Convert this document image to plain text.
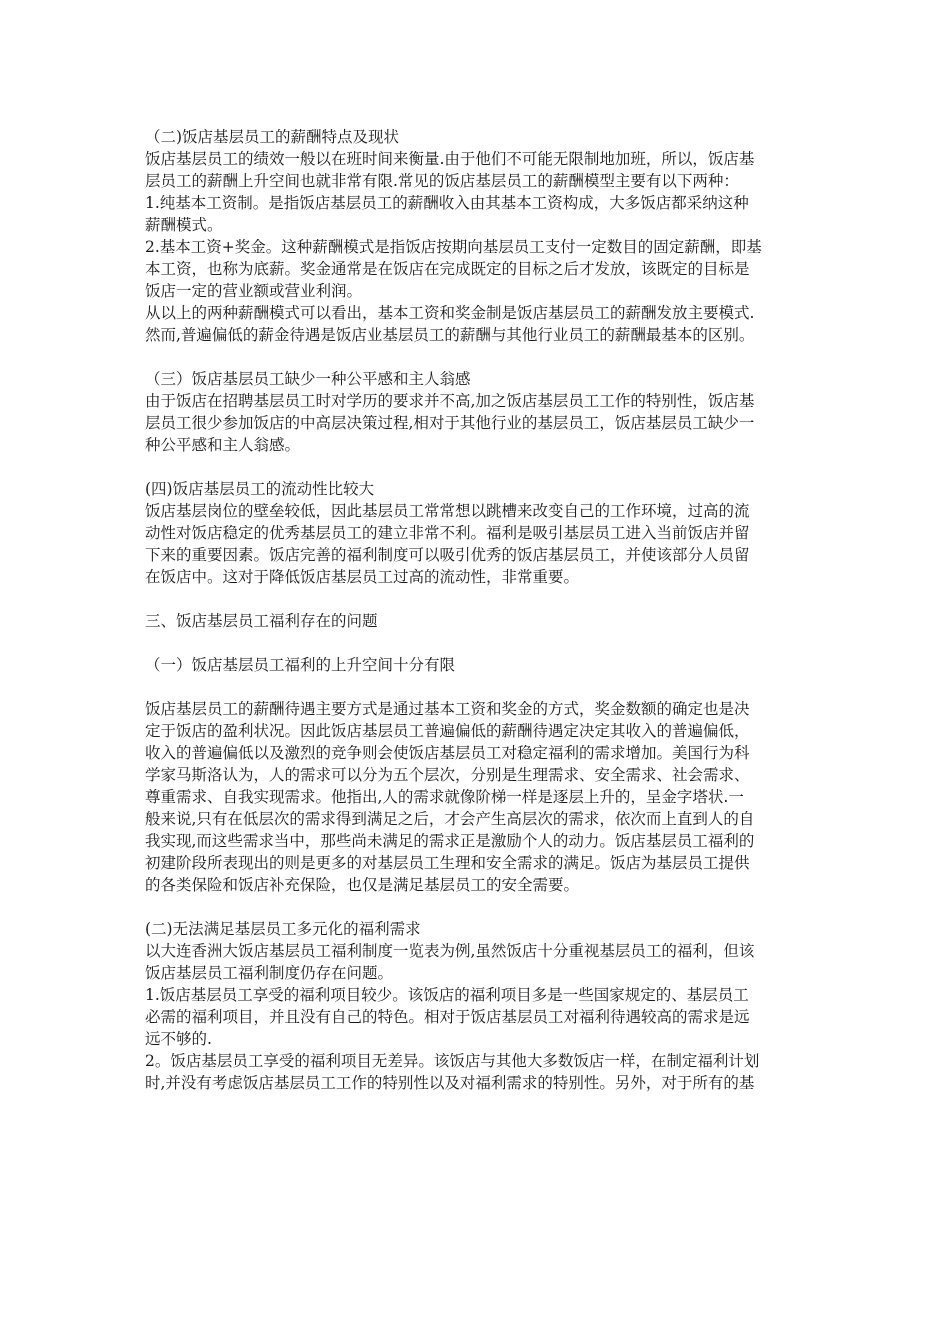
（二)饭店基层员工的薪酬特点及现状
饭店基层员工的绩效一般以在班时间来衡量.由于他们不可能无限制地加班，所以，饭店基
层员工的薪酬上升空间也就非常有限.常见的饭店基层员工的薪酬模型主要有以下两种：
1.纯基本工资制。是指饭店基层员工的薪酬收入由其基本工资构成，大多饭店都采纳这种
薪酬模式。
2.基本工资+奖金。这种薪酬模式是指饭店按期向基层员工支付一定数目的固定薪酬，即基
本工资，也称为底薪。奖金通常是在饭店在完成既定的目标之后才发放，该既定的目标是
饭店一定的营业额或营业利润。
从以上的两种薪酬模式可以看出，基本工资和奖金制是饭店基层员工的薪酬发放主要模式.
然而,普遍偏低的薪金待遇是饭店业基层员工的薪酬与其他行业员工的薪酬最基本的区别。
（三）饭店基层员工缺少一种公平感和主人翁感
由于饭店在招聘基层员工时对学历的要求并不高,加之饭店基层员工工作的特别性，饭店基
层员工很少参加饭店的中高层决策过程,相对于其他行业的基层员工，饭店基层员工缺少一
种公平感和主人翁感。
(四)饭店基层员工的流动性比较大
饭店基层岗位的壁垒较低，因此基层员工常常想以跳槽来改变自己的工作环境，过高的流
动性对饭店稳定的优秀基层员工的建立非常不利。福利是吸引基层员工进入当前饭店并留
下来的重要因素。饭店完善的福利制度可以吸引优秀的饭店基层员工，并使该部分人员留
在饭店中。这对于降低饭店基层员工过高的流动性，非常重要。
三、饭店基层员工福利存在的问题
（一）饭店基层员工福利的上升空间十分有限
饭店基层员工的薪酬待遇主要方式是通过基本工资和奖金的方式，奖金数额的确定也是决
定于饭店的盈利状况。因此饭店基层员工普遍偏低的薪酬待遇定决定其收入的普遍偏低，
收入的普遍偏低以及激烈的竞争则会使饭店基层员工对稳定福利的需求增加。美国行为科
学家马斯洛认为，人的需求可以分为五个层次，分别是生理需求、安全需求、社会需求、
尊重需求、自我实现需求。他指出,人的需求就像阶梯一样是逐层上升的，呈金字塔状.一
般来说,只有在低层次的需求得到满足之后，才会产生高层次的需求，依次而上直到人的自
我实现,而这些需求当中，那些尚未满足的需求正是激励个人的动力。饭店基层员工福利的
初建阶段所表现出的则是更多的对基层员工生理和安全需求的满足。饭店为基层员工提供
的各类保险和饭店补充保险，也仅是满足基层员工的安全需要。
(二)无法满足基层员工多元化的福利需求
以大连香洲大饭店基层员工福利制度一览表为例,虽然饭店十分重视基层员工的福利，但该
饭店基层员工福利制度仍存在问题。
1.饭店基层员工享受的福利项目较少。该饭店的福利项目多是一些国家规定的、基层员工
必需的福利项目，并且没有自己的特色。相对于饭店基层员工对福利待遇较高的需求是远
远不够的.
2。饭店基层员工享受的福利项目无差异。该饭店与其他大多数饭店一样，在制定福利计划
时,并没有考虑饭店基层员工工作的特别性以及对福利需求的特别性。另外，对于所有的基
